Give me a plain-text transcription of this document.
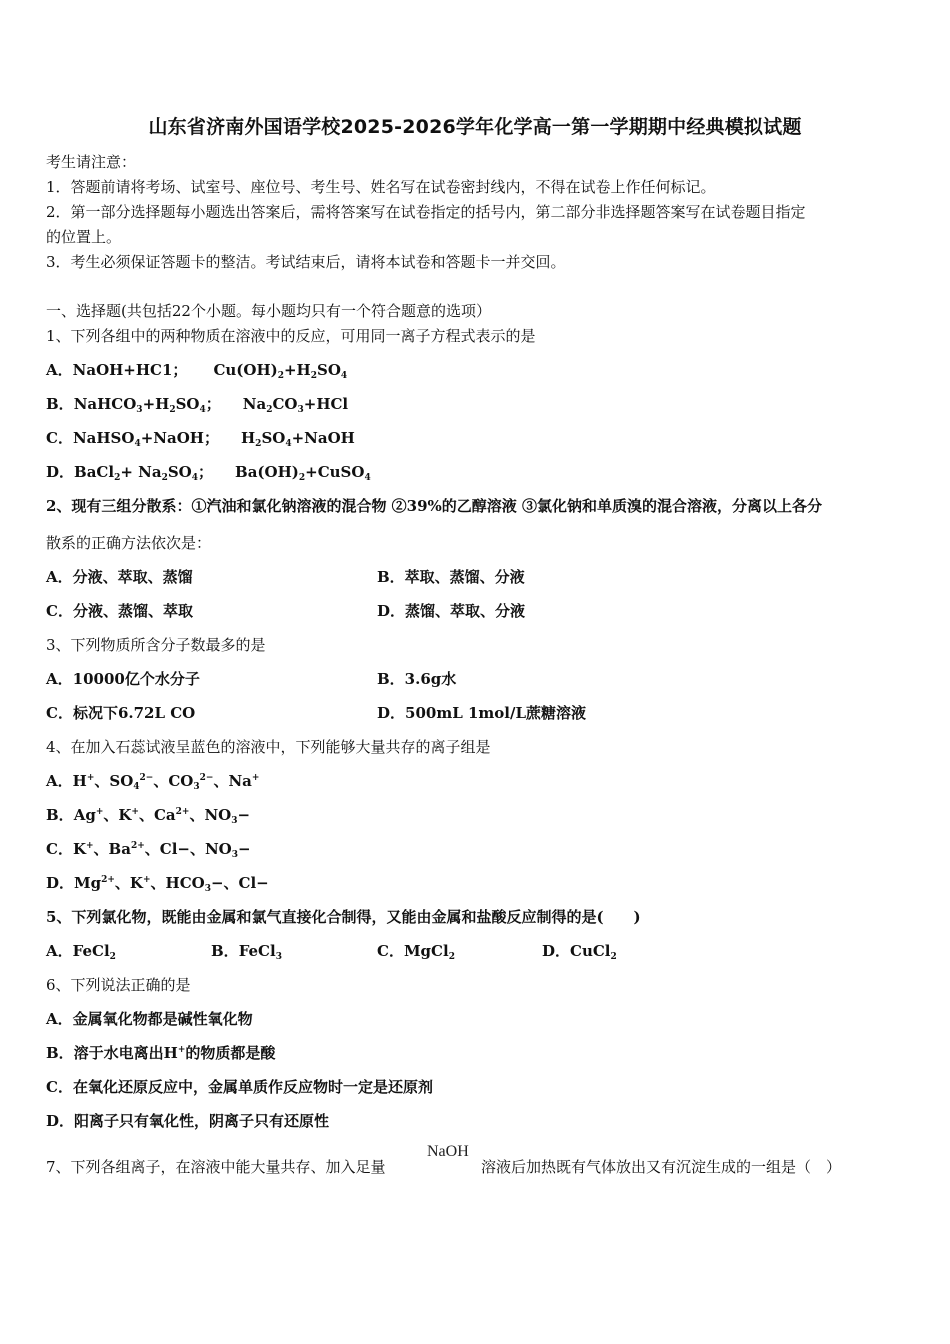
山东省济南外国语学校2025-2026学年化学高一第一学期期中经典模拟试题
考生请注意：
1．答题前请将考场、试室号、座位号、考生号、姓名写在试卷密封线内，不得在试卷上作任何标记。
2．第一部分选择题每小题选出答案后，需将答案写在试卷指定的括号内，第二部分非选择题答案写在试卷题目指定
的位置上。
3．考生必须保证答题卡的整洁。考试结束后，请将本试卷和答题卡一并交回。
一、选择题(共包括22个小题。每小题均只有一个符合题意的选项）
1、下列各组中的两种物质在溶液中的反应，可用同一离子方程式表示的是
A．NaOH+HC1； $Cu(OH)_2+H_2SO_4$
B．$NaHCO_3+H_2SO_4$； $Na_2CO_3+HCl$
C．NaHSO$_4$+NaOH； $H_2SO_4+NaOH$
D．BaCl$_2$+ $Na_2SO_4$； $Ba(OH)_2+CuSO_4$
2、现有三组分散系：①汽油和氯化钠溶液的混合物 ②39%的乙醇溶液 ③氯化钠和单质溴的混合溶液，分离以上各分
散系的正确方法依次是：
A．分液、萃取、蒸馏	B．萃取、蒸馏、分液
C．分液、蒸馏、萃取	D．蒸馏、萃取、分液
3、下列物质所含分子数最多的是
A．10000亿个水分子	B．3.6g水
C．标况下6.72L CO	D．500mL 1mol/L蔗糖溶液
4、在加入石蕊试液呈蓝色的溶液中，下列能够大量共存的离子组是
A．H+、$SO_4^{2-}$、$CO_3^{2-}$、Na+
B．Ag+、K+、$Ca^{2+}$、$NO_3-$
C．K+、$Ba^{2+}$、Cl−、$NO_3-$
D．$Mg^{2+}$、K+、$HCO_3-$、Cl−
5、下列氯化物，既能由金属和氯气直接化合制得，又能由金属和盐酸反应制得的是(　　)
A．FeCl$_2$	B．FeCl$_3$	C．MgCl$_2$	D．CuCl$_2$
6、下列说法正确的是
A．金属氧化物都是碱性氧化物
B．溶于水电离出H+的物质都是酸
C．在氧化还原反应中，金属单质作反应物时一定是还原剂
D．阳离子只有氧化性，阴离子只有还原性
7、下列各组离子，在溶液中能大量共存、加入足量
NaOH
溶液后加热既有气体放出又有沉淀生成的一组是（　）
